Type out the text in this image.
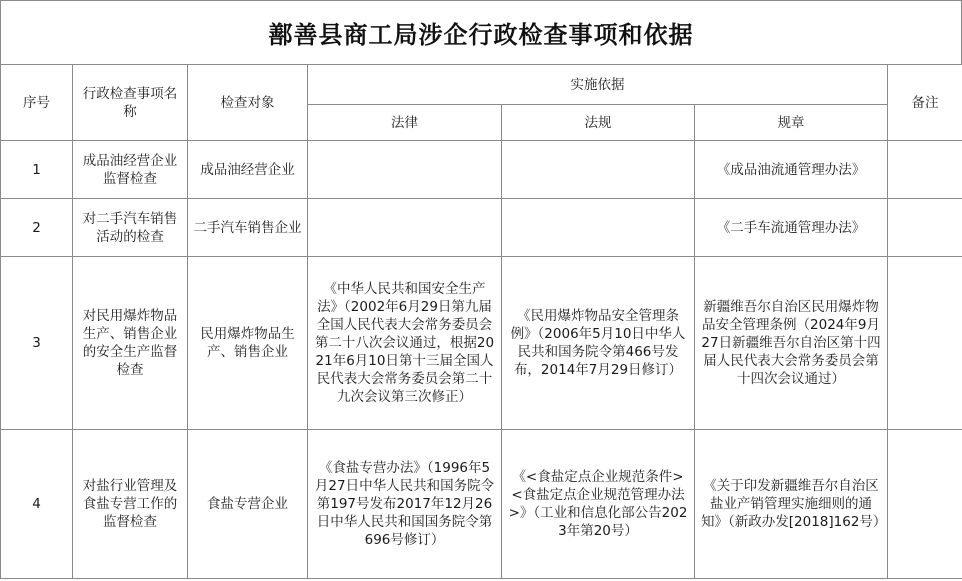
鄯善县商工局涉企行政检查事项和依据
序号	行政检查事项名称	检查对象	实施依据			备注
			法律	法规	规章	
1	成品油经营企业监督检查	成品油经营企业			《成品油流通管理办法》	
2	对二手汽车销售活动的检查	二手汽车销售企业			《二手车流通管理办法》	
3	对民用爆炸物品生产、销售企业的安全生产监督检查	民用爆炸物品生产、销售企业	《中华人民共和国安全生产法》（2002年6月29日第九届全国人民代表大会常务委员会第二十八次会议通过，根据2021年6月10日第十三届全国人民代表大会常务委员会第二十九次会议第三次修正）	《民用爆炸物品安全管理条例》（2006年5月10日中华人民共和国务院令第466号发布，2014年7月29日修订）	新疆维吾尔自治区民用爆炸物品安全管理条例（2024年9月27日新疆维吾尔自治区第十四届人民代表大会常务委员会第十四次会议通过）	
4	对盐行业管理及食盐专营工作的监督检查	食盐专营企业	《食盐专营办法》（1996年5月27日中华人民共和国务院令第197号发布2017年12月26日中华人民共和国国务院令第696号修订）	《<食盐定点企业规范条件><食盐定点企业规范管理办法>》（工业和信息化部公告2023年第20号）	《关于印发新疆维吾尔自治区盐业产销管理实施细则的通知》（新政办发[2018]162号）	
